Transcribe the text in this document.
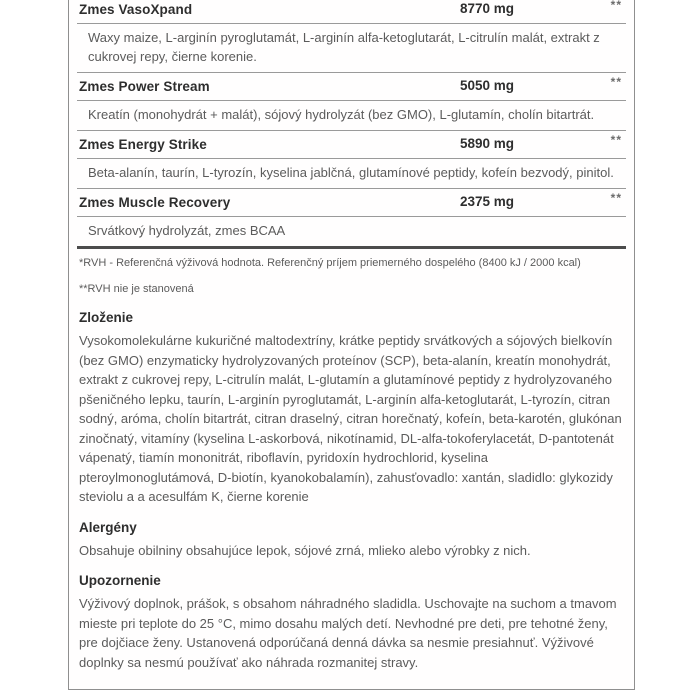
Zmes VasoXpand	8770 mg	**
Waxy maize, L-arginín pyroglutamát, L-arginín alfa-ketoglutarát, L-citrulín malát, extrakt z cukrovej repy, čierne korenie.
Zmes Power Stream	5050 mg	**
Kreatín (monohydrát + malát), sójový hydrolyzát (bez GMO), L-glutamín, cholín bitartrát.
Zmes Energy Strike	5890 mg	**
Beta-alanín, taurín, L-tyrozín, kyselina jablčná, glutamínové peptidy, kofeín bezvodý, pinitol.
Zmes Muscle Recovery	2375 mg	**
Srvátkový hydrolyzát, zmes BCAA

*RVH - Referenčná výživová hodnota. Referenčný príjem priemerného dospelého (8400 kJ / 2000 kcal)

**RVH nie je stanovená

Zloženie

Vysokomolekulárne kukuričné maltodextríny, krátke peptidy srvátkových a sójových bielkovín (bez GMO) enzymaticky hydrolyzovaných proteínov (SCP), beta-alanín, kreatín monohydrát, extrakt z cukrovej repy, L-citrulín malát, L-glutamín a glutamínové peptidy z hydrolyzovaného pšeničného lepku, taurín, L-arginín pyroglutamát, L-arginín alfa-ketoglutarát, L-tyrozín, citran sodný, aróma, cholín bitartrát, citran draselný, citran horečnatý, kofeín, beta-karotén, glukónan zinočnatý, vitamíny (kyselina L-askorbová, nikotínamid, DL-alfa-tokoferylacetát, D-pantotenát vápenatý, tiamín mononitrát, riboflavín, pyridoxín hydrochlorid, kyselina pteroylmonoglutámová, D-biotín, kyanokobalamín), zahusťovadlo: xantán, sladidlo: glykozidy steviolu a a acesulfám K, čierne korenie

Alergény

Obsahuje obilniny obsahujúce lepok, sójové zrná, mlieko alebo výrobky z nich.

Upozornenie

Výživový doplnok, prášok, s obsahom náhradného sladidla. Uschovajte na suchom a tmavom mieste pri teplote do 25 °C, mimo dosahu malých detí. Nevhodné pre deti, pre tehotné ženy, pre dojčiace ženy. Ustanovená odporúčaná denná dávka sa nesmie presiahnuť. Výživové doplnky sa nesmú používať ako náhrada rozmanitej stravy.
